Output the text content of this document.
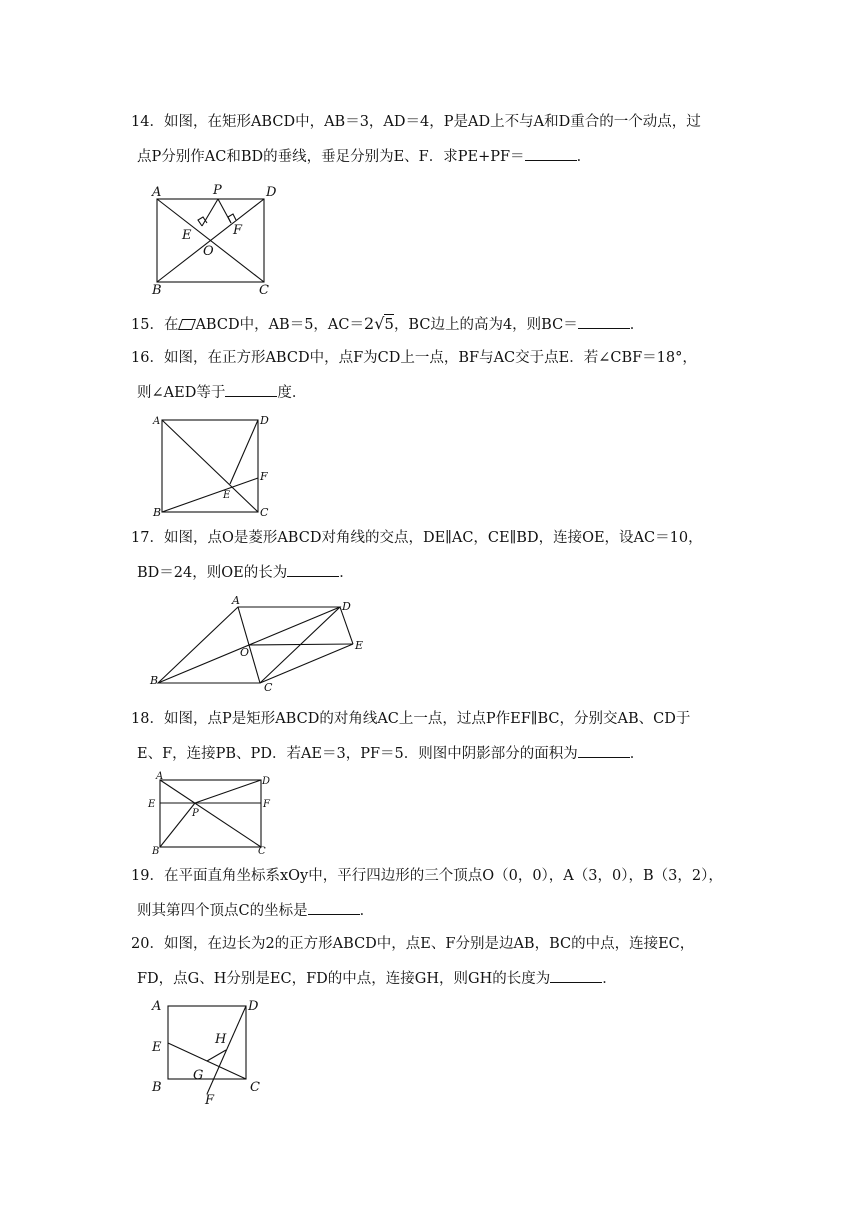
14．如图，在矩形ABCD中，AB＝3，AD＝4，P是AD上不与A和D重合的一个动点，过
点P分别作AC和BD的垂线，垂足分别为E、F．求PE+PF＝	．
A	P	D
E	F
O
B	C
15．在 ABCD中，AB＝5，AC＝2√5，BC边上的高为4，则BC＝	．
16．如图，在正方形ABCD中，点F为CD上一点，BF与AC交于点E．若∠CBF＝18°，
则∠AED等于	度．
A	D
F
E
B	C
17．如图，点O是菱形ABCD对角线的交点，DE∥AC，CE∥BD，连接OE，设AC＝10，
BD＝24，则OE的长为	．
A	D
E
O
B
C
18．如图，点P是矩形ABCD的对角线AC上一点，过点P作EF∥BC，分别交AB、CD于
E、F，连接PB、PD．若AE＝3，PF＝5．则图中阴影部分的面积为	．
A	D
E	F
P
B	C
19．在平面直角坐标系xOy中，平行四边形的三个顶点O（0，0），A（3，0），B（3，2），
则其第四个顶点C的坐标是	．
20．如图，在边长为2的正方形ABCD中，点E、F分别是边AB，BC的中点，连接EC，
FD，点G、H分别是EC，FD的中点，连接GH，则GH的长度为	．
A	D
E
H
G
B	C
F
